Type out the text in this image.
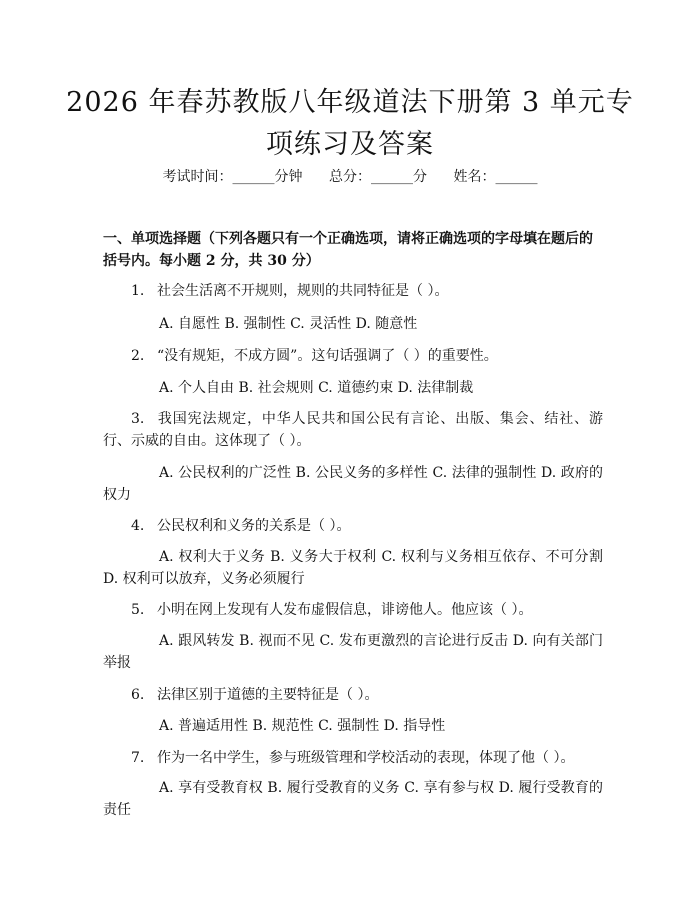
2026 年春苏教版八年级道法下册第 3 单元专
项练习及答案
考试时间：______分钟 总分：______分 姓名：______
一、单项选择题（下列各题只有一个正确选项，请将正确选项的字母填在题后的括号内。每小题 2 分，共 30 分）
1. 社会生活离不开规则，规则的共同特征是（ ）。
A. 自愿性 B. 强制性 C. 灵活性 D. 随意性
2. “没有规矩，不成方圆”。这句话强调了（ ）的重要性。
A. 个人自由 B. 社会规则 C. 道德约束 D. 法律制裁
3. 我国宪法规定，中华人民共和国公民有言论、出版、集会、结社、游行、示威的自由。这体现了（ ）。
A. 公民权利的广泛性 B. 公民义务的多样性 C. 法律的强制性 D. 政府的权力
4. 公民权利和义务的关系是（ ）。
A. 权利大于义务 B. 义务大于权利 C. 权利与义务相互依存、不可分割 D. 权利可以放弃，义务必须履行
5. 小明在网上发现有人发布虚假信息，诽谤他人。他应该（ ）。
A. 跟风转发 B. 视而不见 C. 发布更激烈的言论进行反击 D. 向有关部门举报
6. 法律区别于道德的主要特征是（ ）。
A. 普遍适用性 B. 规范性 C. 强制性 D. 指导性
7. 作为一名中学生，参与班级管理和学校活动的表现，体现了他（ ）。
A. 享有受教育权 B. 履行受教育的义务 C. 享有参与权 D. 履行受教育的责任
